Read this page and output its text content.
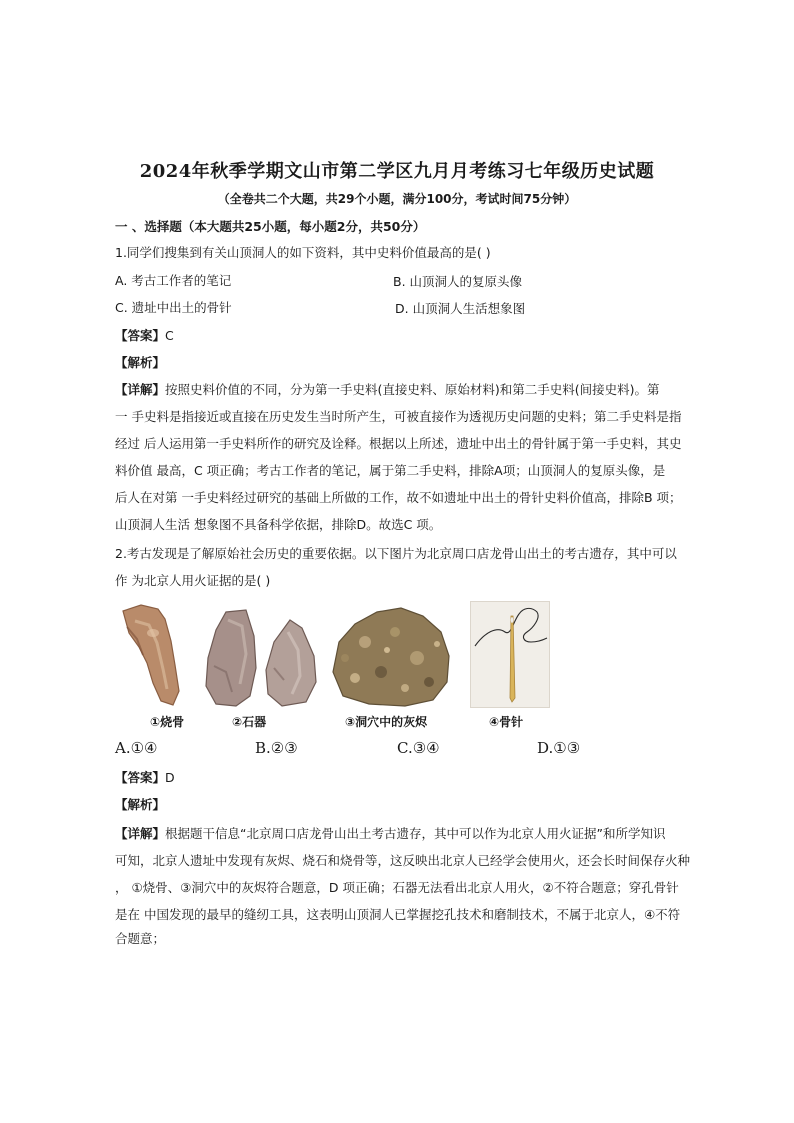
2024年秋季学期文山市第二学区九月月考练习七年级历史试题
（全卷共二个大题，共29个小题，满分100分，考试时间75分钟）
一 、选择题（本大题共25小题，每小题2分，共50分）
1.同学们搜集到有关山顶洞人的如下资料，其中史料价值最高的是( )
A. 考古工作者的笔记	B. 山顶洞人的复原头像
C. 遗址中出土的骨针	D. 山顶洞人生活想象图
【答案】C
【解析】
【详解】按照史料价值的不同，分为第一手史料(直接史料、原始材料)和第二手史料(间接史料)。第
一 手史料是指接近或直接在历史发生当时所产生，可被直接作为透视历史问题的史料；第二手史料是指
经过 后人运用第一手史料所作的研究及诠释。根据以上所述，遗址中出土的骨针属于第一手史料，其史
料价值 最高，C 项正确；考古工作者的笔记，属于第二手史料，排除A项；山顶洞人的复原头像，是
后人在对第 一手史料经过研究的基础上所做的工作，故不如遗址中出土的骨针史料价值高，排除B 项；
山顶洞人生活 想象图不具备科学依据，排除D。故选C 项。
2.考古发现是了解原始社会历史的重要依据。以下图片为北京周口店龙骨山出土的考古遗存，其中可以
作 为北京人用火证据的是( )
①烧骨	②石器	③洞穴中的灰烬	④骨针
A.①④	B.②③	C.③④	D.①③
【答案】D
【解析】
【详解】根据题干信息“北京周口店龙骨山出土考古遗存，其中可以作为北京人用火证据”和所学知识
可知，北京人遗址中发现有灰烬、烧石和烧骨等，这反映出北京人已经学会使用火，还会长时间保存火种
， ①烧骨、③洞穴中的灰烬符合题意，D 项正确；石器无法看出北京人用火，②不符合题意；穿孔骨针
是在 中国发现的最早的缝纫工具，这表明山顶洞人已掌握挖孔技术和磨制技术，不属于北京人，④不符
合题意；
